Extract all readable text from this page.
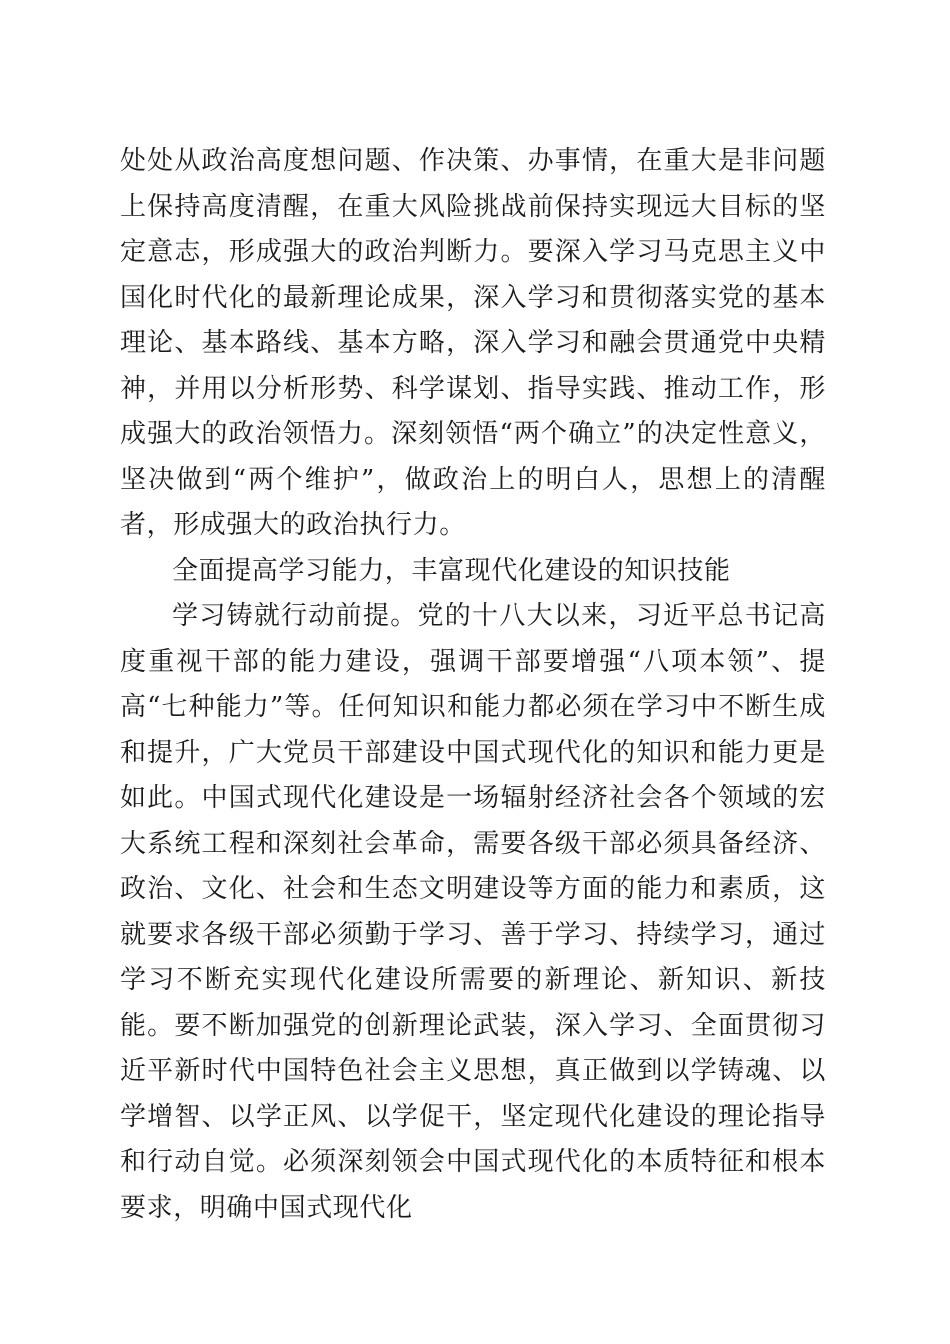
处处从政治高度想问题、作决策、办事情，在重大是非问题上保持高度清醒，在重大风险挑战前保持实现远大目标的坚定意志，形成强大的政治判断力。要深入学习马克思主义中国化时代化的最新理论成果，深入学习和贯彻落实党的基本理论、基本路线、基本方略，深入学习和融会贯通党中央精神，并用以分析形势、科学谋划、指导实践、推动工作，形成强大的政治领悟力。深刻领悟“两个确立”的决定性意义，坚决做到“两个维护”，做政治上的明白人，思想上的清醒者，形成强大的政治执行力。

全面提高学习能力，丰富现代化建设的知识技能

学习铸就行动前提。党的十八大以来，习近平总书记高度重视干部的能力建设，强调干部要增强“八项本领”、提高“七种能力”等。任何知识和能力都必须在学习中不断生成和提升，广大党员干部建设中国式现代化的知识和能力更是如此。中国式现代化建设是一场辐射经济社会各个领域的宏大系统工程和深刻社会革命，需要各级干部必须具备经济、政治、文化、社会和生态文明建设等方面的能力和素质，这就要求各级干部必须勤于学习、善于学习、持续学习，通过学习不断充实现代化建设所需要的新理论、新知识、新技能。要不断加强党的创新理论武装，深入学习、全面贯彻习近平新时代中国特色社会主义思想，真正做到以学铸魂、以学增智、以学正风、以学促干，坚定现代化建设的理论指导和行动自觉。必须深刻领会中国式现代化的本质特征和根本要求，明确中国式现代化
